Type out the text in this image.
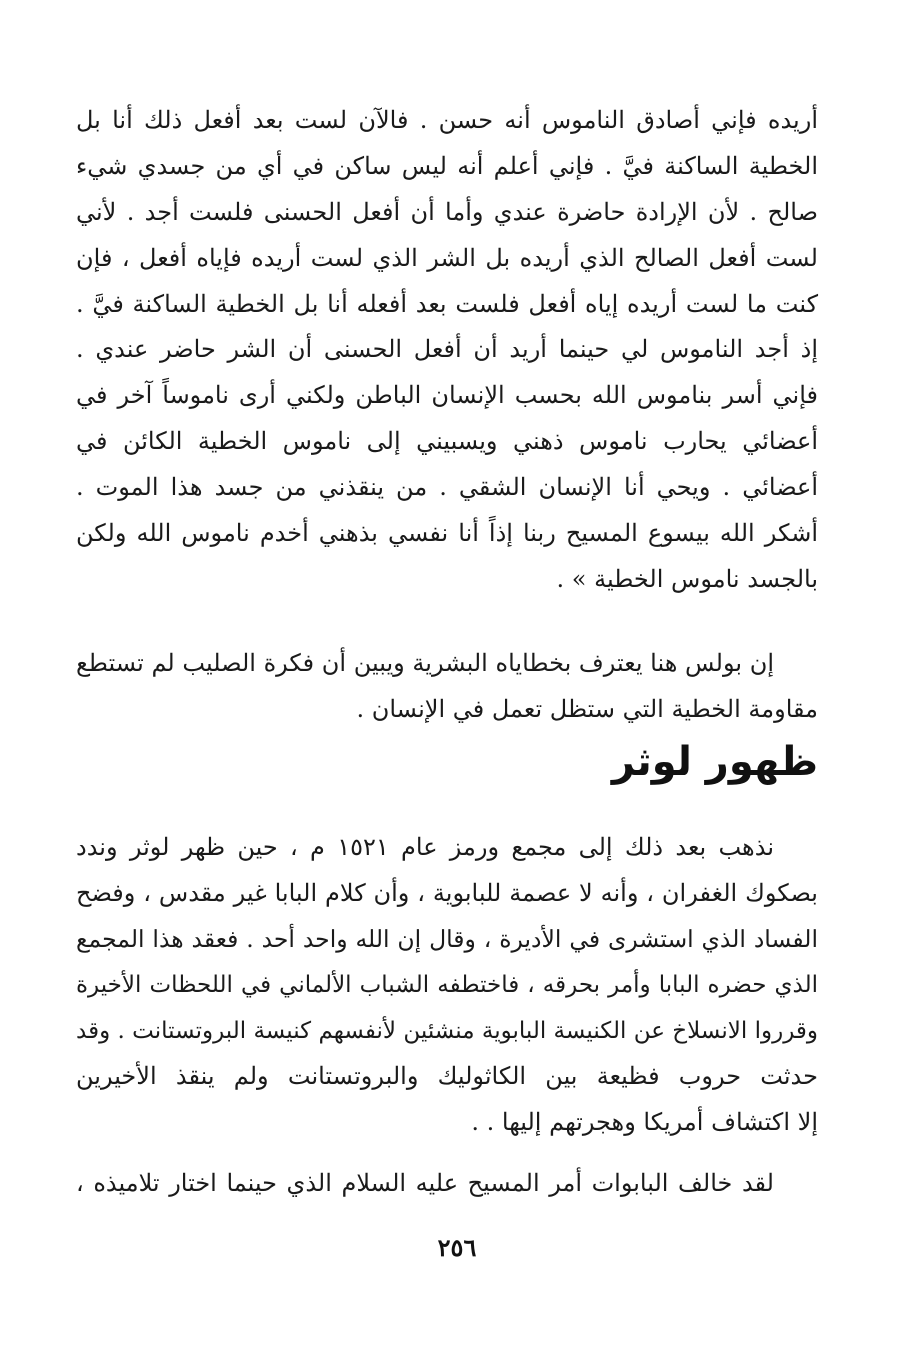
أريده فإني أصادق الناموس أنه حسن . فالآن لست بعد أفعل ذلك أنا بل
الخطية الساكنة فيَّ . فإني أعلم أنه ليس ساكن في أي من جسدي شيء
صالح . لأن الإرادة حاضرة عندي وأما أن أفعل الحسنى فلست أجد . لأني
لست أفعل الصالح الذي أريده بل الشر الذي لست أريده فإياه أفعل ، فإن
كنت ما لست أريده إياه أفعل فلست بعد أفعله أنا بل الخطية الساكنة فيَّ .
إذ أجد الناموس لي حينما أريد أن أفعل الحسنى أن الشر حاضر عندي .
فإني أسر بناموس الله بحسب الإنسان الباطن ولكني أرى ناموساً آخر في
أعضائي يحارب ناموس ذهني ويسبيني إلى ناموس الخطية الكائن في
أعضائي . ويحي أنا الإنسان الشقي . من ينقذني من جسد هذا الموت .
أشكر الله بيسوع المسيح ربنا إذاً أنا نفسي بذهني أخدم ناموس الله ولكن
بالجسد ناموس الخطية » .
إن بولس هنا يعترف بخطاياه البشرية ويبين أن فكرة الصليب لم تستطع
مقاومة الخطية التي ستظل تعمل في الإنسان .
ظهور لوثر
نذهب بعد ذلك إلى مجمع ورمز عام ١٥٢١ م ، حين ظهر لوثر وندد
بصكوك الغفران ، وأنه لا عصمة للبابوية ، وأن كلام البابا غير مقدس ، وفضح
الفساد الذي استشرى في الأديرة ، وقال إن الله واحد أحد . فعقد هذا المجمع
الذي حضره البابا وأمر بحرقه ، فاختطفه الشباب الألماني في اللحظات الأخيرة
وقرروا الانسلاخ عن الكنيسة البابوية منشئين لأنفسهم كنيسة البروتستانت . وقد
حدثت حروب فظيعة بين الكاثوليك والبروتستانت ولم ينقذ الأخيرين
إلا اكتشاف أمريكا وهجرتهم إليها . .
لقد خالف البابوات أمر المسيح عليه السلام الذي حينما اختار تلاميذه ،
٢٥٦
